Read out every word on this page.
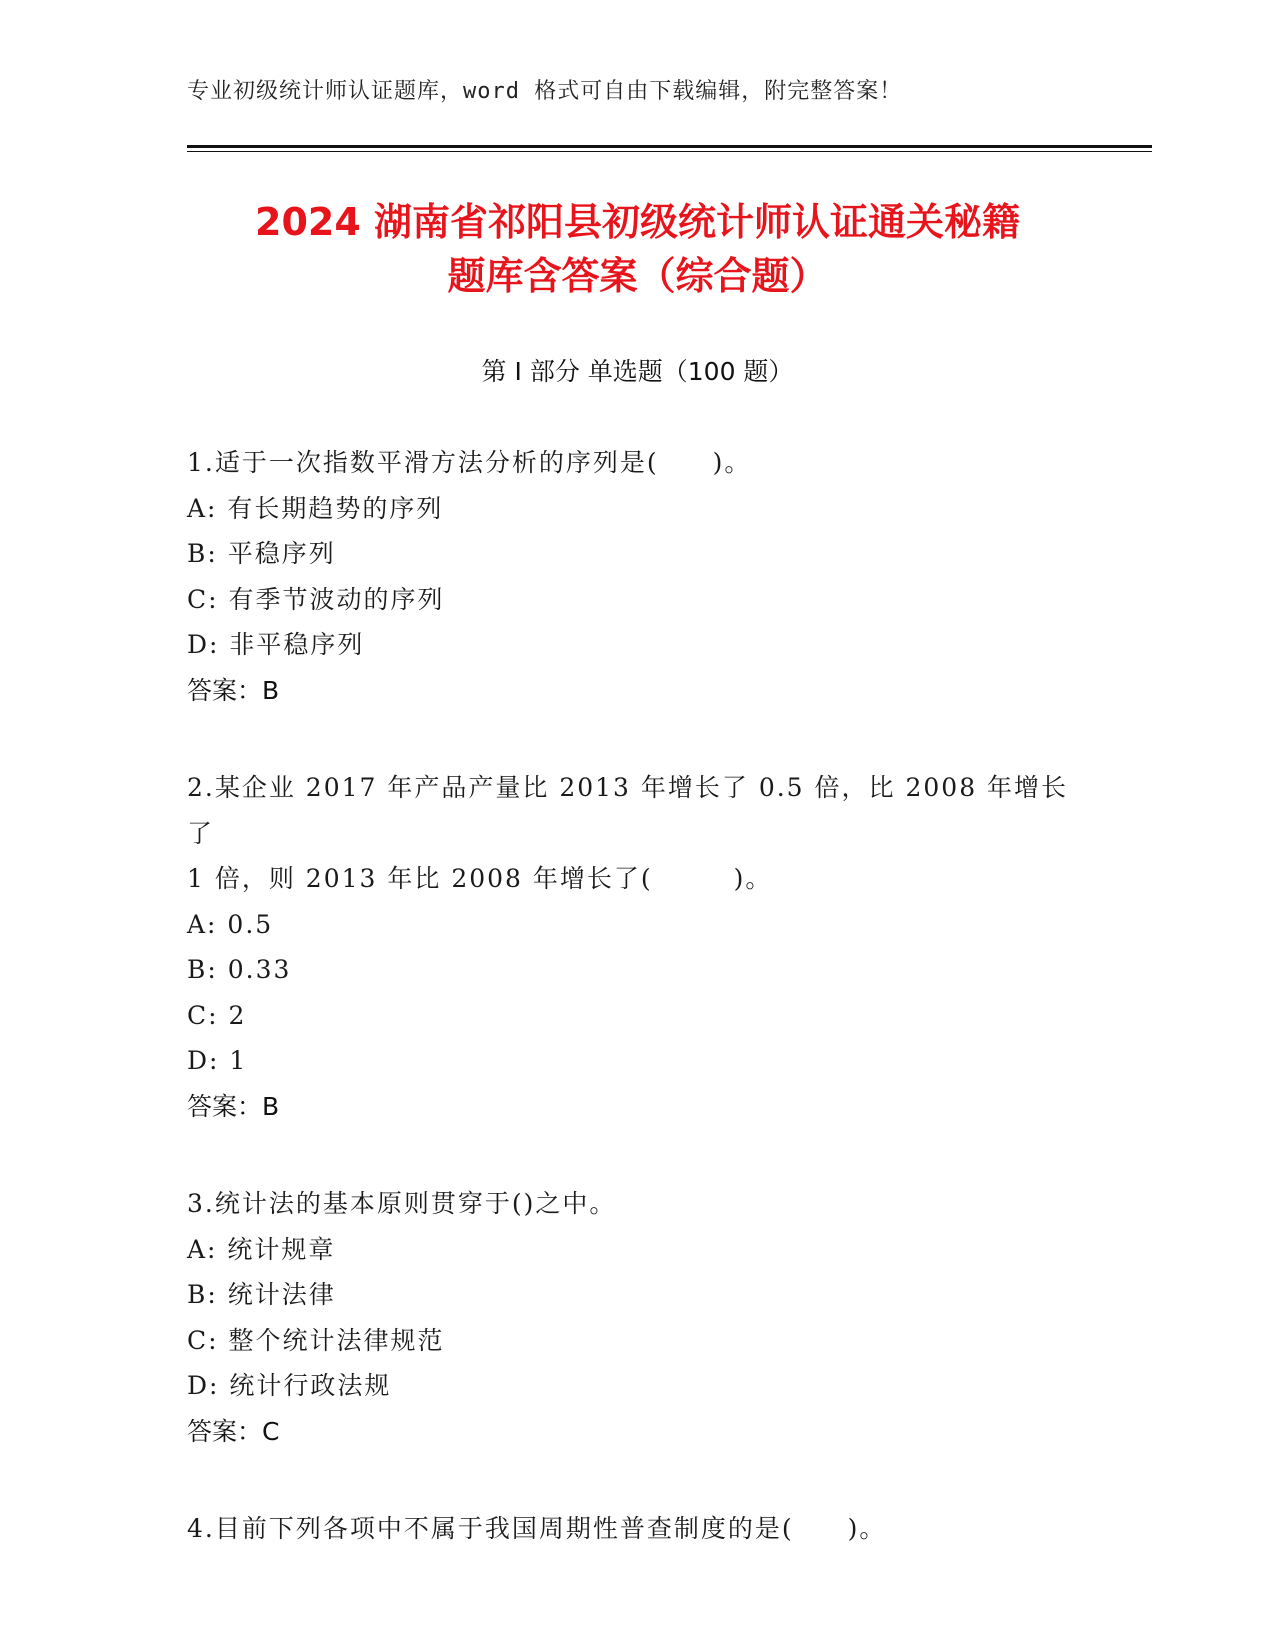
专业初级统计师认证题库，word 格式可自由下载编辑，附完整答案！
2024 湖南省祁阳县初级统计师认证通关秘籍
题库含答案（综合题）
第 I 部分 单选题（100 题）
1.适于一次指数平滑方法分析的序列是(　　)。
A: 有长期趋势的序列
B: 平稳序列
C: 有季节波动的序列
D: 非平稳序列
答案：B
2.某企业 2017 年产品产量比 2013 年增长了 0.5 倍，比 2008 年增长了
1 倍，则 2013 年比 2008 年增长了(　　　)。
A: 0.5
B: 0.33
C: 2
D: 1
答案：B
3.统计法的基本原则贯穿于()之中。
A: 统计规章
B: 统计法律
C: 整个统计法律规范
D: 统计行政法规
答案：C
4.目前下列各项中不属于我国周期性普查制度的是(　　)。
